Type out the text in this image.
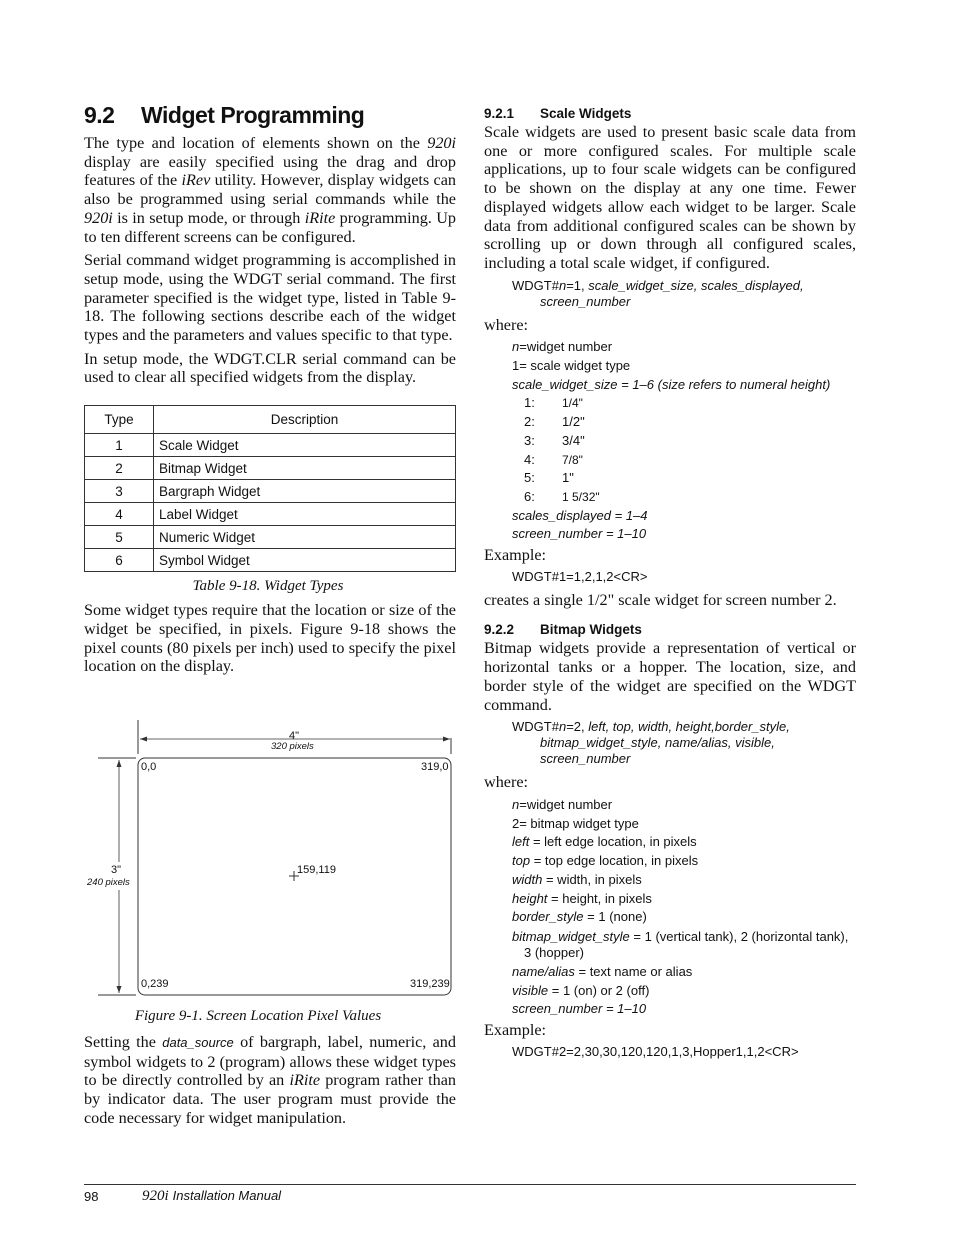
9.2	Widget Programming

The type and location of elements shown on the 920i display are easily specified using the drag and drop features of the iRev utility. However, display widgets can also be programmed using serial commands while the 920i is in setup mode, or through iRite programming. Up to ten different screens can be configured.

Serial command widget programming is accomplished in setup mode, using the WDGT serial command. The first parameter specified is the widget type, listed in Table 9-18. The following sections describe each of the widget types and the parameters and values specific to that type.

In setup mode, the WDGT.CLR serial command can be used to clear all specified widgets from the display.

Type	Description
1	Scale Widget
2	Bitmap Widget
3	Bargraph Widget
4	Label Widget
5	Numeric Widget
6	Symbol Widget
Table 9-18. Widget Types

Some widget types require that the location or size of the widget be specified, in pixels. Figure 9-18 shows the pixel counts (80 pixels per inch) used to specify the pixel location on the display.

4"
320 pixels
3"
240 pixels
0,0	319,0
159,119
0,239	319,239
Figure 9-1. Screen Location Pixel Values

Setting the data_source of bargraph, label, numeric, and symbol widgets to 2 (program) allows these widget types to be directly controlled by an iRite program rather than by indicator data. The user program must provide the code necessary for widget manipulation.

9.2.1	Scale Widgets

Scale widgets are used to present basic scale data from one or more configured scales. For multiple scale applications, up to four scale widgets can be configured to be shown on the display at any one time. Fewer displayed widgets allow each widget to be larger. Scale data from additional configured scales can be shown by scrolling up or down through all configured scales, including a total scale widget, if configured.

WDGT#n=1, scale_widget_size, scales_displayed,
screen_number

where:

n=widget number
1= scale widget type
scale_widget_size = 1–6 (size refers to numeral height)
1:	1/4"
2:	1/2"
3:	3/4"
4:	7/8"
5:	1"
6:	1 5/32"
scales_displayed = 1–4
screen_number = 1–10

Example:

WDGT#1=1,2,1,2<CR>

creates a single 1/2" scale widget for screen number 2.

9.2.2	Bitmap Widgets

Bitmap widgets provide a representation of vertical or horizontal tanks or a hopper. The location, size, and border style of the widget are specified on the WDGT command.

WDGT#n=2, left, top, width, height,border_style,
bitmap_widget_style, name/alias, visible,
screen_number

where:

n=widget number
2= bitmap widget type
left = left edge location, in pixels
top = top edge location, in pixels
width = width, in pixels
height = height, in pixels
border_style = 1 (none)
bitmap_widget_style = 1 (vertical tank), 2 (horizontal tank), 3 (hopper)
name/alias = text name or alias
visible = 1 (on) or 2 (off)
screen_number = 1–10

Example:

WDGT#2=2,30,30,120,120,1,3,Hopper1,1,2<CR>
98	920i Installation Manual
